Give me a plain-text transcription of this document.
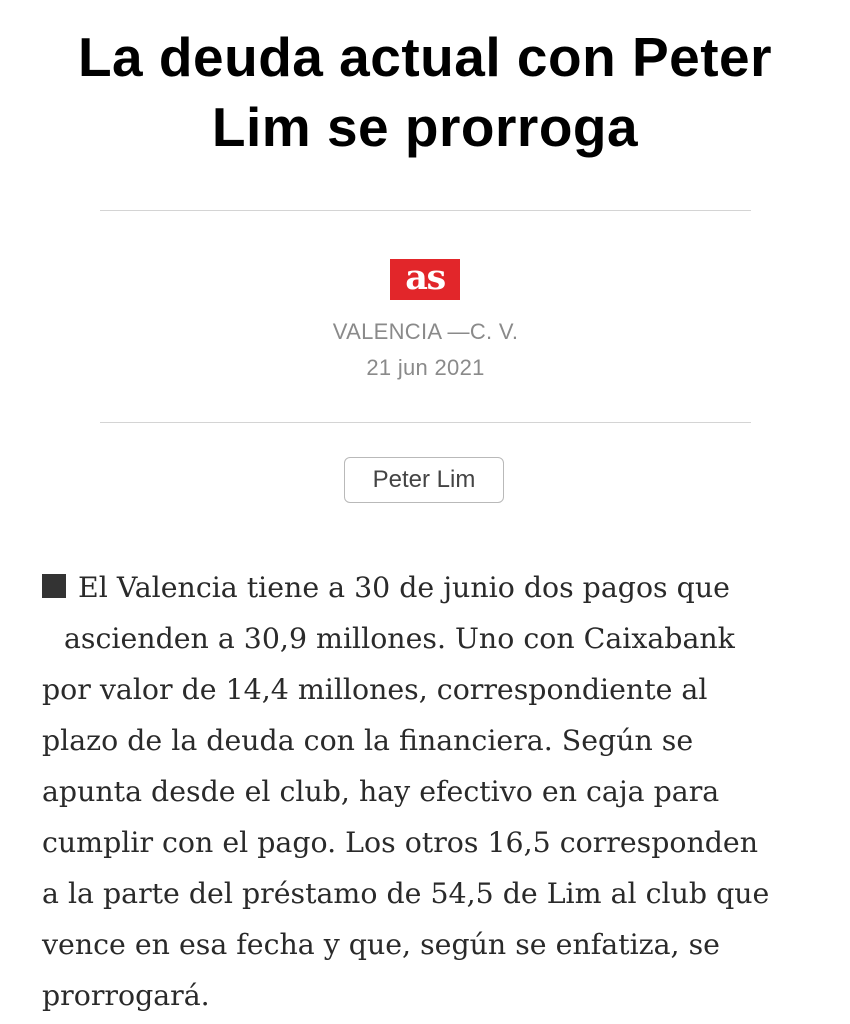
La deuda actual con Peter Lim se prorroga
as
VALENCIA —C. V.
21 jun 2021
Peter Lim
El Valencia tiene a 30 de junio dos pagos que
ascienden a 30,9 millones. Uno con Caixabank
por valor de 14,4 millones, correspondiente al
plazo de la deuda con la financiera. Según se
apunta desde el club, hay efectivo en caja para
cumplir con el pago. Los otros 16,5 corresponden
a la parte del préstamo de 54,5 de Lim al club que
vence en esa fecha y que, según se enfatiza, se
prorrogará.
